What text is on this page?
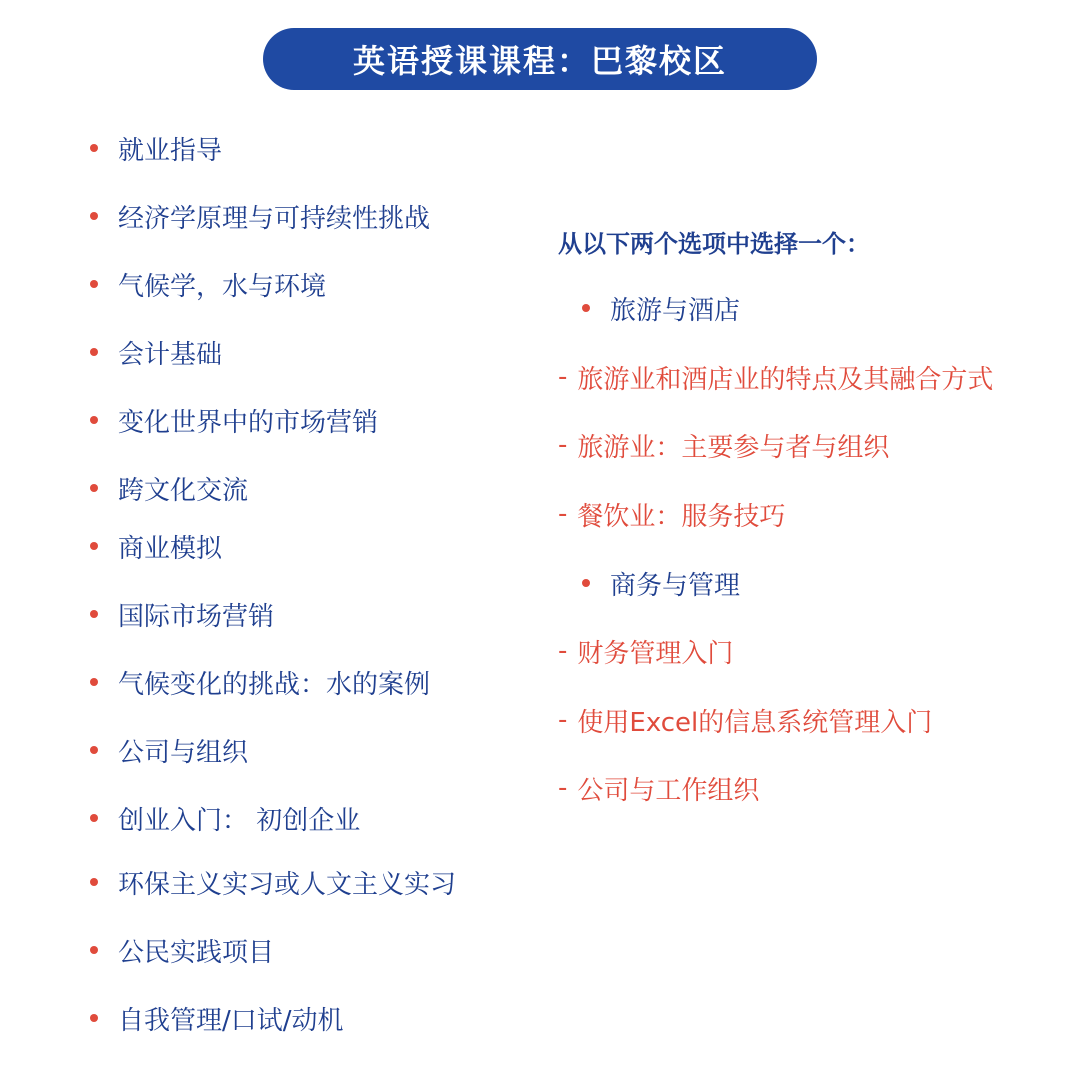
英语授课课程：巴黎校区
就业指导
经济学原理与可持续性挑战
气候学，水与环境
会计基础
变化世界中的市场营销
跨文化交流
商业模拟
国际市场营销
气候变化的挑战：水的案例
公司与组织
创业入门： 初创企业
环保主义实习或人文主义实习
公民实践项目
自我管理/口试/动机
从以下两个选项中选择一个：
旅游与酒店
- 旅游业和酒店业的特点及其融合方式
- 旅游业：主要参与者与组织
- 餐饮业：服务技巧
商务与管理
- 财务管理入门
- 使用Excel的信息系统管理入门
- 公司与工作组织
